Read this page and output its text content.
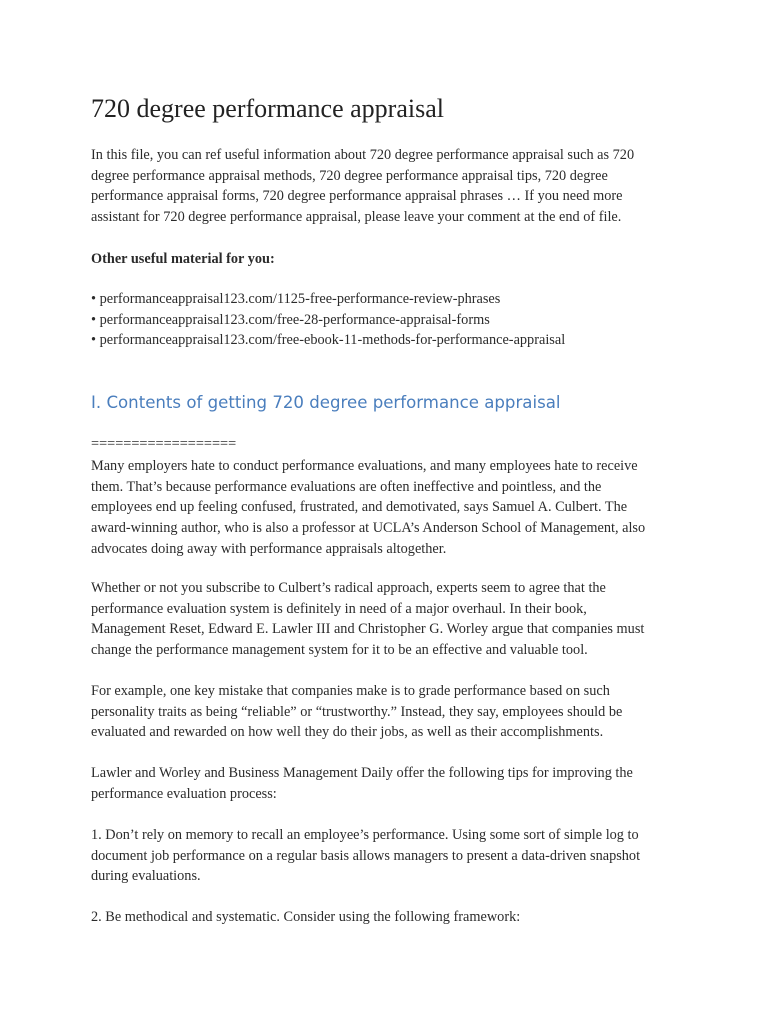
720 degree performance appraisal

In this file, you can ref useful information about 720 degree performance appraisal such as 720
degree performance appraisal methods, 720 degree performance appraisal tips, 720 degree
performance appraisal forms, 720 degree performance appraisal phrases … If you need more
assistant for 720 degree performance appraisal, please leave your comment at the end of file.

Other useful material for you:

• performanceappraisal123.com/1125-free-performance-review-phrases
• performanceappraisal123.com/free-28-performance-appraisal-forms
• performanceappraisal123.com/free-ebook-11-methods-for-performance-appraisal
I. Contents of getting 720 degree performance appraisal

==================

Many employers hate to conduct performance evaluations, and many employees hate to receive
them. That’s because performance evaluations are often ineffective and pointless, and the
employees end up feeling confused, frustrated, and demotivated, says Samuel A. Culbert. The
award-winning author, who is also a professor at UCLA’s Anderson School of Management, also
advocates doing away with performance appraisals altogether.

Whether or not you subscribe to Culbert’s radical approach, experts seem to agree that the
performance evaluation system is definitely in need of a major overhaul. In their book,
Management Reset, Edward E. Lawler III and Christopher G. Worley argue that companies must
change the performance management system for it to be an effective and valuable tool.

For example, one key mistake that companies make is to grade performance based on such
personality traits as being “reliable” or “trustworthy.” Instead, they say, employees should be
evaluated and rewarded on how well they do their jobs, as well as their accomplishments.

Lawler and Worley and Business Management Daily offer the following tips for improving the
performance evaluation process:

1. Don’t rely on memory to recall an employee’s performance. Using some sort of simple log to
document job performance on a regular basis allows managers to present a data-driven snapshot
during evaluations.

2. Be methodical and systematic. Consider using the following framework:
